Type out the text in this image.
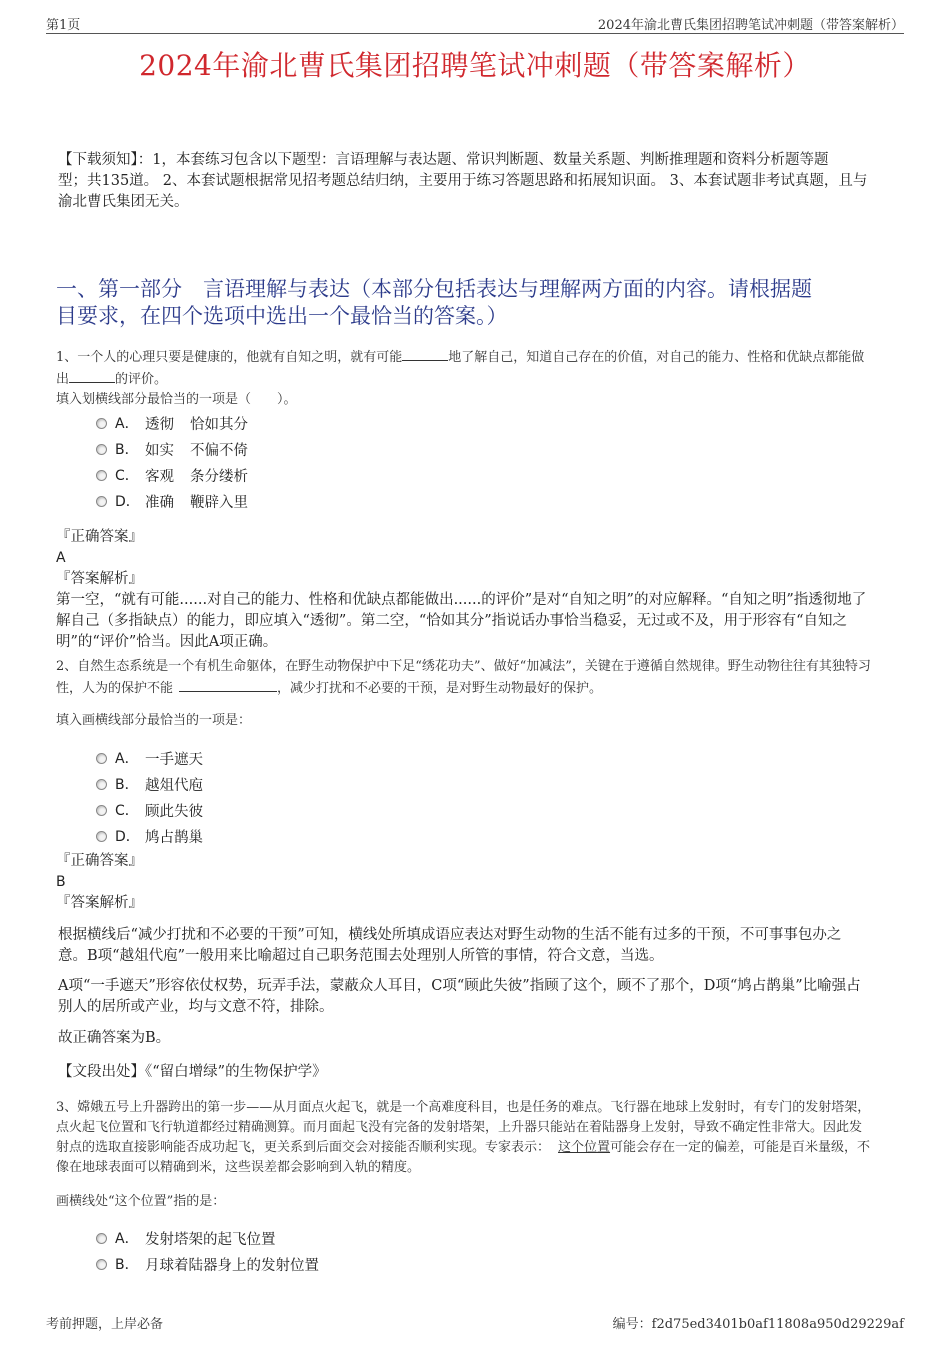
第1页	2024年渝北曹氏集团招聘笔试冲刺题（带答案解析）
2024年渝北曹氏集团招聘笔试冲刺题（带答案解析）
【下载须知】：1，本套练习包含以下题型：言语理解与表达题、常识判断题、数量关系题、判断推理题和资料分析题等题
型；共135道。 2、本套试题根据常见招考题总结归纳，主要用于练习答题思路和拓展知识面。 3、本套试题非考试真题，且与
渝北曹氏集团无关。
一、第一部分　言语理解与表达（本部分包括表达与理解两方面的内容。请根据题
目要求，在四个选项中选出一个最恰当的答案。）
1、一个人的心理只要是健康的，他就有自知之明，就有可能	地了解自己，知道自己存在的价值，对自己的能力、性格和优缺点都能做
出	的评价。
填入划横线部分最恰当的一项是（　　）。
A． 透彻 恰如其分
B． 如实 不偏不倚
C． 客观 条分缕析
D． 准确 鞭辟入里
『正确答案』
A
『答案解析』
第一空，“就有可能......对自己的能力、性格和优缺点都能做出......的评价”是对“自知之明”的对应解释。“自知之明”指透彻地了
解自己（多指缺点）的能力，即应填入“透彻”。第二空，“恰如其分”指说话办事恰当稳妥，无过或不及，用于形容有“自知之
明”的“评价”恰当。因此A项正确。
2、自然生态系统是一个有机生命躯体，在野生动物保护中下足“绣花功夫”、做好“加减法”，关键在于遵循自然规律。野生动物往往有其独特习
性，人为的保护不能	，减少打扰和不必要的干预，是对野生动物最好的保护。
填入画横线部分最恰当的一项是：
A． 一手遮天
B． 越俎代庖
C． 顾此失彼
D． 鸠占鹊巢
『正确答案』
B
『答案解析』
根据横线后“减少打扰和不必要的干预”可知，横线处所填成语应表达对野生动物的生活不能有过多的干预，不可事事包办之
意。B项“越俎代庖”一般用来比喻超过自己职务范围去处理别人所管的事情，符合文意，当选。
A项“一手遮天”形容依仗权势，玩弄手法，蒙蔽众人耳目，C项“顾此失彼”指顾了这个，顾不了那个，D项“鸠占鹊巢”比喻强占
别人的居所或产业，均与文意不符，排除。
故正确答案为B。
【文段出处】《“留白增绿”的生物保护学》
3、嫦娥五号上升器跨出的第一步——从月面点火起飞，就是一个高难度科目，也是任务的难点。飞行器在地球上发射时，有专门的发射塔架，
点火起飞位置和飞行轨道都经过精确测算。而月面起飞没有完备的发射塔架，上升器只能站在着陆器身上发射，导致不确定性非常大。因此发
射点的选取直接影响能否成功起飞，更关系到后面交会对接能否顺利实现。专家表示： 这个位置可能会存在一定的偏差，可能是百米量级，不
像在地球表面可以精确到米，这些误差都会影响到入轨的精度。
画横线处“这个位置”指的是：
A． 发射塔架的起飞位置
B． 月球着陆器身上的发射位置
考前押题，上岸必备	编号：f2d75ed3401b0af11808a950d29229af
